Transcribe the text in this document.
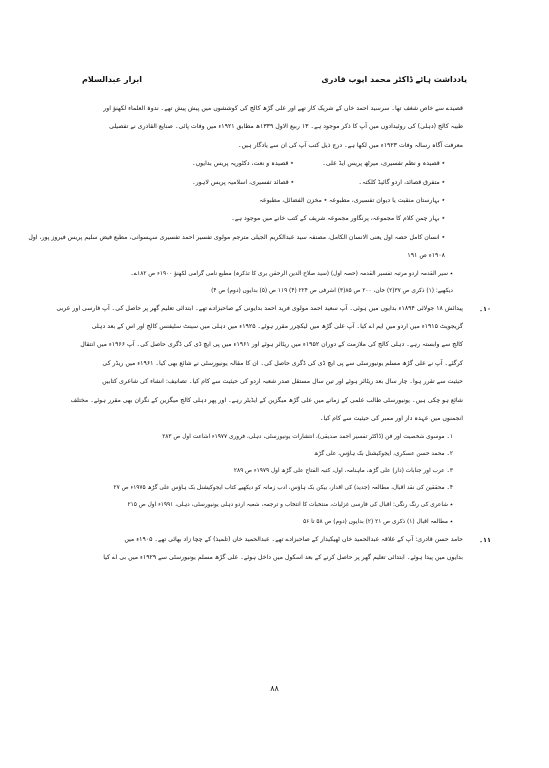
ابرار عبدالسلام	یادداشت ہائے ڈاکٹر محمد ایوب قادری
قصیدے سے خاص شغف تھا۔ سرسید احمد خاں کے شریک کار تھے اور علی گڑھ کالج کی کوششوں میں پیش پیش تھے۔ ندوۃ العلماء لکھنؤ اور
طیبہ کالج (دہلی) کی روئیدادوں میں آپ کا ذکر موجود ہے۔ ۱۳ ربیع الاول ۱۳۳۹ھ مطابق ۱۹۲۱ء میں وفات پائی۔ صنایع القادری نے تفصیلی
معرفت آگاہ رسالہ وفات ۱۹۲۳ء میں لکھا ہے۔ درج ذیل کتب آپ کی ان سے یادگار ہیں۔
٭ قصیدہ و نظم تفسیری، میرٹھ پریس ایڈ علی۔
٭ قصیدہ و نعت، دکٹوریہ پریس بدایوں۔
٭ متفرق قصائد، اردو گائیڈ کلکتہ۔
٭ قصائد تفسیری، اسلامیہ پریس لاہور۔
٭ بہارستان منقبت یا دیوان تفسیری، مطبوعہ ٭ مخزن الفضائل، مطبوعہ
٭ بہار چمن کلام کا مجموعہ، پرنگاور مجموعہ شریف کے کتب خانے میں موجود ہے۔
٭ انسان کامل حصہ اول یعنی الانسان الکامل، مصنفہ سید عبدالکریم الجیلی مترجم مولوی تفسیر احمد تفسیری سہسوانی، مطبع فیض سلیم پریس فیروز پور، اول
۱۹۰۸ء ص ۱۹۱
٭ سیر القدمہ اردو مرتبہ تفسیر القدمہ (حصہ اول) (سید صلاح الدین الرحمٰن بری کا تذکرہ) مطبع نامی گرامی لکھنؤ ۱۹۰۰ء ص ۱۸۲ے۔
دیکھیے: (۱) ذکری ص ۳۷(۲) خان، ۲۰۰ ص ۸۵(۳) اشرفی ص ۲۲۴ (۴) ۱۱۹ ص (۵) بدایوں (دوم) ص ۴)
۱۰۔
پیدائش ۱۸ جولائی ۱۸۹۴ء بدایوں میں ہوئی۔ آپ سعید احمد مولوی فرید احمد بدایونی کے صاحبزادے تھے۔ ابتدائی تعلیم گھر پر حاصل کی۔ آپ فارسی اور عربی
گریجویٹ ۱۹۱۵ء میں اردو میں ایم اے کیا۔ آپ علی گڑھ میں لیکچرر مقرر ہوئے۔ ۱۹۲۵ء میں دہلی میں سینٹ سٹیفنس کالج اور اس کے بعد دہلی
کالج سے وابستہ رہے۔ دہلی کالج کی ملازمت کے دوران ۱۹۵۲ء میں ریٹائر ہوئے اور ۱۹۶۱ء میں پی ایچ ڈی کی ڈگری حاصل کی۔ آپ ۱۹۶۶ء میں انتقال
کرگئے۔ آپ نے علی گڑھ مسلم یونیورسٹی سے پی ایچ ڈی کی ڈگری حاصل کی۔ ان کا مقالہ یونیورسٹی نے شائع بھی کیا۔ ۱۹۶۱ء میں ریڈر کی
حیثیت سے تقرر ہوا۔ چار سال بعد ریٹائر ہوئے اور تین سال مستقل صدر شعبہ اردو کی حیثیت سے کام کیا۔ تصانیف: انشاء کی شاعری کتابیں
شائع ہو چکی ہیں۔ یونیورسٹی طالب علمی کے زمانے میں علی گڑھ میگزین کے ایڈیٹر رہے۔ اور پھر دہلی کالج میگزین کے نگران بھی مقرر ہوئے۔ مختلف
انجمنوں میں عہدہ دار اور ممبر کی حیثیت سے کام کیا۔
۱۔ موسوی شخصیت اور فن (ڈاکٹر تفسیر احمد صدیقی)، انتشارات یونیورسٹی، دہلی، فروری ۱۹۷۷ء اشاعت اول ص ۲۸۳
۲۔ محمد حسن عسکری، ایجوکیشنل بک ہاؤس، علی گڑھ
۳۔ عرب اور جنابات (دار) علی گڑھ، ماہنامہ، اول، کتبہ الفتاح علی گڑھ اول ۱۹۷۹ء ص ۲۸۹
۴۔ محققین کی نقد اقبال، مطالعہ (جدید) کی اقدار، بیکن بک ہاؤس، ادب زمانہ کو دیکھیے کتاب ایجوکیشنل بک ہاؤس علی گڑھ ۱۹۷۵ء ص ۲۷
٭ شاعری کی رنگ رنگی: اقبال کی فارسی غزلیات، منتخبات کا انتخاب و ترجمہ، شعبہ اردو دہلی یونیورسٹی، دہلی، ۱۹۹۱ء اول ص ۲۱۵
٭ مطالعہ اقبال (۱) ذکری ص ۲۱ (۲) بدایوں (دوم) ص ۵۸ تا ۵۶
۱۱۔
حامد حسن قادری: آپ کے علاقہ عبدالحمید خاں ٹھیکیدار کے صاحبزادے تھے۔ عبدالحمید خاں (تلمیذ) کے چچا زاد بھائی تھے۔ ۱۹۰۵ء میں
بدایوں میں پیدا ہوئے۔ ابتدائی تعلیم گھر پر حاصل کرنے کے بعد اسکول میں داخل ہوئے۔ علی گڑھ مسلم یونیورسٹی سے ۱۹۲۹ء میں بی اے کیا
۸۸
